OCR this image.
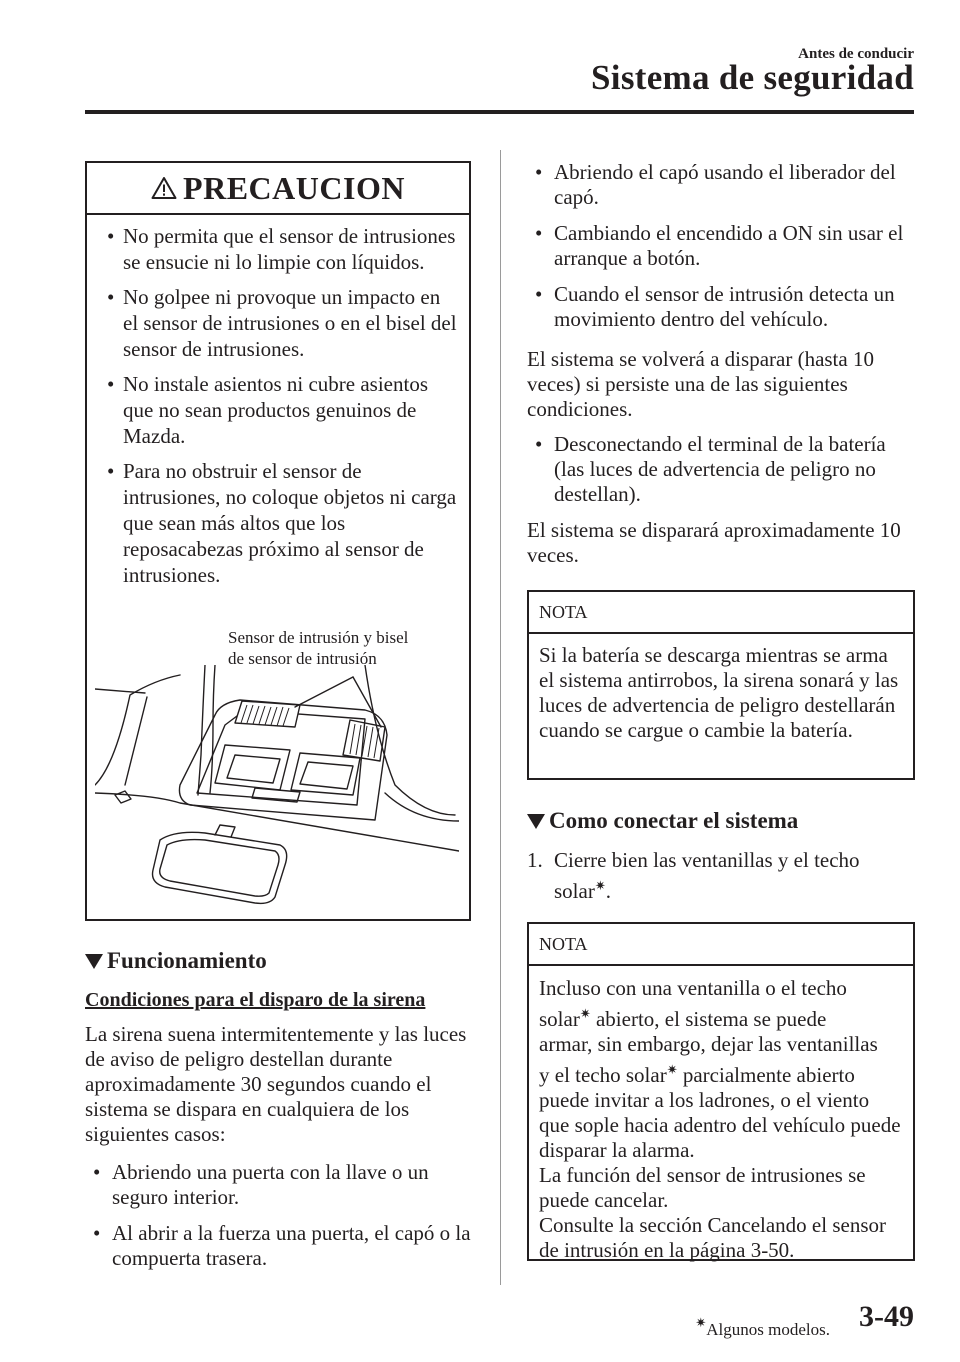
Antes de conducir
Sistema de seguridad
PRECAUCION
• No permita que el sensor de intrusiones se ensucie ni lo limpie con líquidos.
• No golpee ni provoque un impacto en el sensor de intrusiones o en el bisel del sensor de intrusiones.
• No instale asientos ni cubre asientos que no sean productos genuinos de Mazda.
• Para no obstruir el sensor de intrusiones, no coloque objetos ni carga que sean más altos que los reposacabezas próximo al sensor de intrusiones.
Sensor de intrusión y bisel
de sensor de intrusión
Funcionamiento
Condiciones para el disparo de la sirena
La sirena suena intermitentemente y las luces de aviso de peligro destellan durante aproximadamente 30 segundos cuando el sistema se dispara en cualquiera de los siguientes casos:
• Abriendo una puerta con la llave o un seguro interior.
• Al abrir a la fuerza una puerta, el capó o la compuerta trasera.
• Abriendo el capó usando el liberador del capó.
• Cambiando el encendido a ON sin usar el arranque a botón.
• Cuando el sensor de intrusión detecta un movimiento dentro del vehículo.
El sistema se volverá a disparar (hasta 10 veces) si persiste una de las siguientes condiciones.
• Desconectando el terminal de la batería (las luces de advertencia de peligro no destellan).
El sistema se disparará aproximadamente 10 veces.
NOTA
Si la batería se descarga mientras se arma el sistema antirrobos, la sirena sonará y las luces de advertencia de peligro destellarán cuando se cargue o cambie la batería.
Como conectar el sistema
1. Cierre bien las ventanillas y el techo
solar✷.
NOTA
Incluso con una ventanilla o el techo
solar✷ abierto, el sistema se puede
armar, sin embargo, dejar las ventanillas
y el techo solar✷ parcialmente abierto
puede invitar a los ladrones, o el viento que sople hacia adentro del vehículo puede disparar la alarma.
La función del sensor de intrusiones se puede cancelar.
Consulte la sección Cancelando el sensor de intrusión en la página 3-50.
✷Algunos modelos. 3-49
